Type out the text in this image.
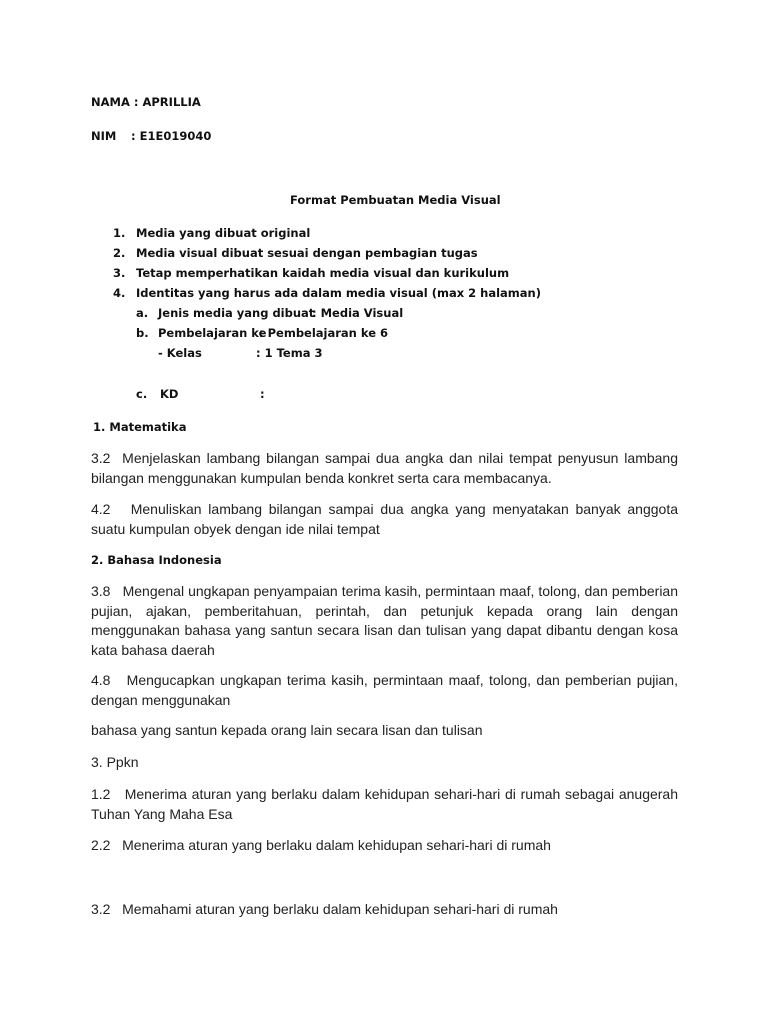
NAMA : APRILLIA
NIM : E1E019040
Format Pembuatan Media Visual
1. Media yang dibuat original
2. Media visual dibuat sesuai dengan pembagian tugas
3. Tetap memperhatikan kaidah media visual dan kurikulum
4. Identitas yang harus ada dalam media visual (max 2 halaman)
a. Jenis media yang dibuat
: Media Visual
b. Pembelajaran ke
: Pembelajaran ke 6
- Kelas	: 1 Tema 3
c. KD	:
1. Matematika
3.2 Menjelaskan lambang bilangan sampai dua angka dan nilai tempat penyusun lambang bilangan menggunakan kumpulan benda konkret serta cara membacanya.
4.2 Menuliskan lambang bilangan sampai dua angka yang menyatakan banyak anggota suatu kumpulan obyek dengan ide nilai tempat
2. Bahasa Indonesia
3.8 Mengenal ungkapan penyampaian terima kasih, permintaan maaf, tolong, dan pemberian pujian, ajakan, pemberitahuan, perintah, dan petunjuk kepada orang lain dengan menggunakan bahasa yang santun secara lisan dan tulisan yang dapat dibantu dengan kosa kata bahasa daerah
4.8 Mengucapkan ungkapan terima kasih, permintaan maaf, tolong, dan pemberian pujian, dengan menggunakan
bahasa yang santun kepada orang lain secara lisan dan tulisan
3. Ppkn
1.2 Menerima aturan yang berlaku dalam kehidupan sehari-hari di rumah sebagai anugerah Tuhan Yang Maha Esa
2.2 Menerima aturan yang berlaku dalam kehidupan sehari-hari di rumah
3.2 Memahami aturan yang berlaku dalam kehidupan sehari-hari di rumah
